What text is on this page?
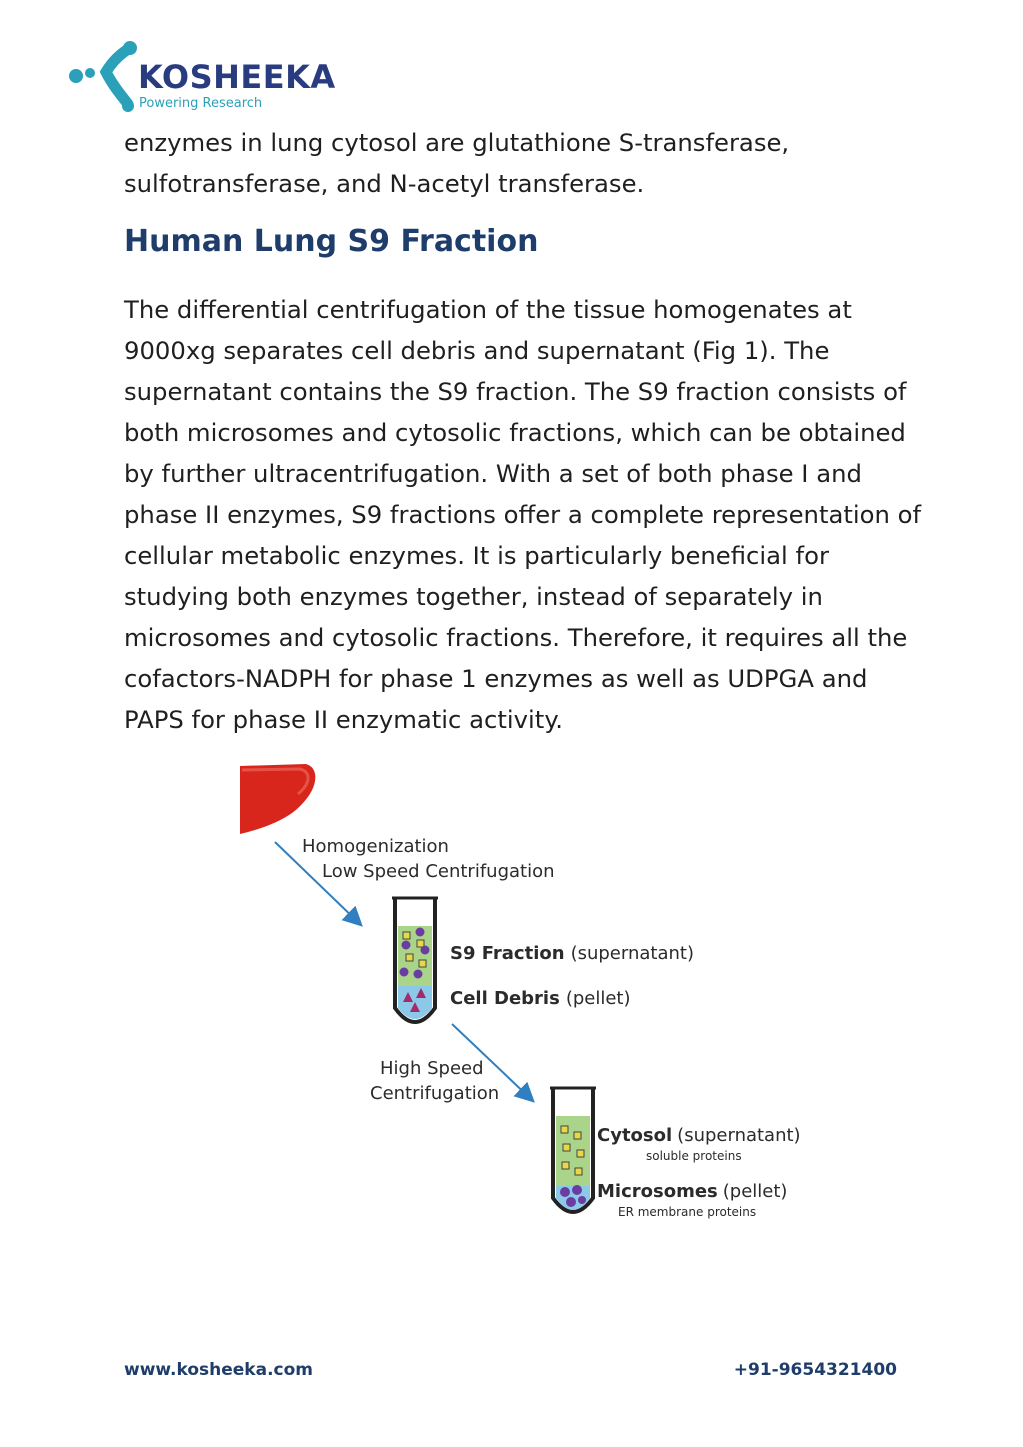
KOSHEEKA
Powering Research
enzymes in lung cytosol are glutathione S-transferase,
sulfotransferase, and N-acetyl transferase.
Human Lung S9 Fraction
The differential centrifugation of the tissue homogenates at
9000xg separates cell debris and supernatant (Fig 1). The
supernatant contains the S9 fraction. The S9 fraction consists of
both microsomes and cytosolic fractions, which can be obtained
by further ultracentrifugation. With a set of both phase I and
phase II enzymes, S9 fractions offer a complete representation of
cellular metabolic enzymes. It is particularly beneficial for
studying both enzymes together, instead of separately in
microsomes and cytosolic fractions. Therefore, it requires all the
cofactors-NADPH for phase 1 enzymes as well as UDPGA and
PAPS for phase II enzymatic activity.
Homogenization
Low Speed Centrifugation
S9 Fraction (supernatant)
Cell Debris (pellet)
High Speed
Centrifugation
Cytosol (supernatant)
soluble proteins
Microsomes (pellet)
ER membrane proteins
www.kosheeka.com	+91-9654321400
